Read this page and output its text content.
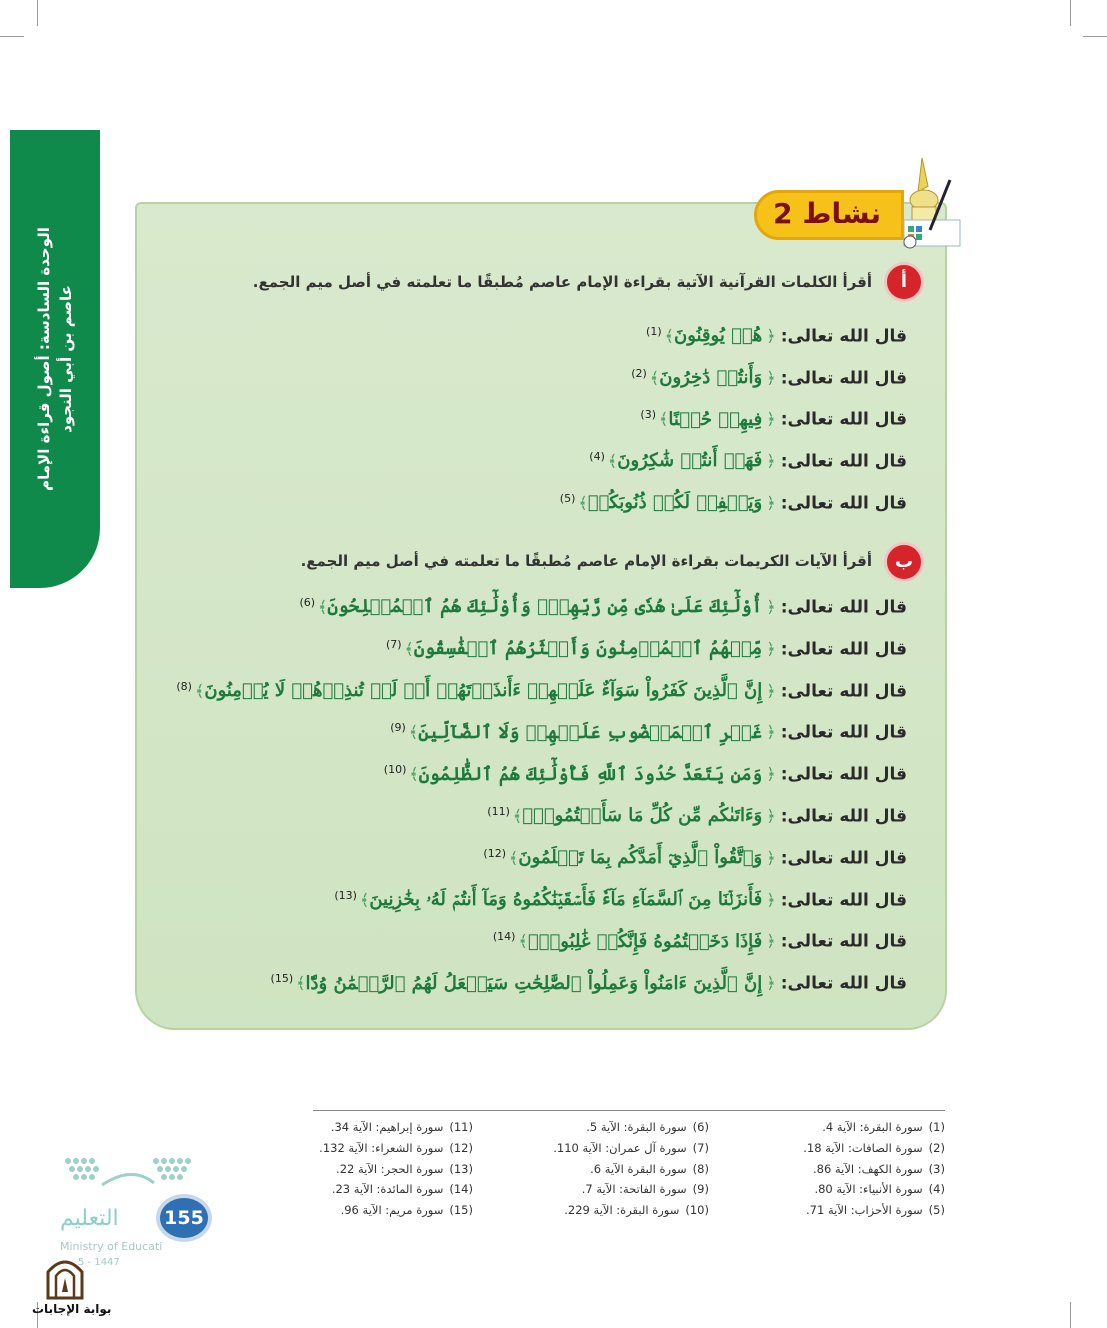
الوحدة السادسة: أصول قراءة الإمام عاصم بن أبي النجود
نشاط 2
أ
أقرأ الكلمات القرآنية الآتية بقراءة الإمام عاصم مُطبقًا ما تعلمته في أصل ميم الجمع.
قال الله تعالى: ﴿هُمۡ يُوقِنُونَ﴾$^{(1)}$
قال الله تعالى: ﴿وَأَنتُمۡ دَٰخِرُونَ﴾$^{(2)}$
قال الله تعالى: ﴿فِيهِمۡ حُسۡنًا﴾$^{(3)}$
قال الله تعالى: ﴿فَهَلۡ أَنتُمۡ شَٰكِرُونَ﴾$^{(4)}$
قال الله تعالى: ﴿وَيَغۡفِرۡ لَكُمۡ ذُنُوبَكُمۡ﴾$^{(5)}$
ب
أقرأ الآيات الكريمات بقراءة الإمام عاصم مُطبقًا ما تعلمته في أصل ميم الجمع.
قال الله تعالى: ﴿أُوْلَٰٓئِكَ عَلَىٰ هُدٗى مِّن رَّبِّهِمۡۖ وَأُوْلَٰٓئِكَ هُمُ ٱلۡمُفۡلِحُونَ﴾$^{(6)}$
قال الله تعالى: ﴿مِّنۡهُمُ ٱلۡمُؤۡمِنُونَ وَأَكۡثَرُهُمُ ٱلۡفَٰسِقُونَ﴾$^{(7)}$
قال الله تعالى: ﴿إِنَّ ٱلَّذِينَ كَفَرُواْ سَوَآءٌ عَلَيۡهِمۡ ءَأَنذَرۡتَهُمۡ أَمۡ لَمۡ تُنذِرۡهُمۡ لَا يُؤۡمِنُونَ﴾$^{(8)}$
قال الله تعالى: ﴿غَيۡرِ ٱلۡمَغۡضُوبِ عَلَيۡهِمۡ وَلَا ٱلضَّآلِّينَ﴾$^{(9)}$
قال الله تعالى: ﴿وَمَن يَتَعَدَّ حُدُودَ ٱللَّهِ فَأُوْلَٰٓئِكَ هُمُ ٱلظَّٰلِمُونَ﴾$^{(10)}$
قال الله تعالى: ﴿وَءَاتَىٰكُم مِّن كُلِّ مَا سَأَلۡتُمُوهُۚ﴾$^{(11)}$
قال الله تعالى: ﴿وَٱتَّقُواْ ٱلَّذِيٓ أَمَدَّكُم بِمَا تَعۡلَمُونَ﴾$^{(12)}$
قال الله تعالى: ﴿فَأَنزَلۡنَا مِنَ ٱلسَّمَآءِ مَآءٗ فَأَسۡقَيۡنَٰكُمُوهُ وَمَآ أَنتُمۡ لَهُۥ بِخَٰزِنِينَ﴾$^{(13)}$
قال الله تعالى: ﴿فَإِذَا دَخَلۡتُمُوهُ فَإِنَّكُمۡ غَٰلِبُونَۚ﴾$^{(14)}$
قال الله تعالى: ﴿إِنَّ ٱلَّذِينَ ءَامَنُواْ وَعَمِلُواْ ٱلصَّٰلِحَٰتِ سَيَجۡعَلُ لَهُمُ ٱلرَّحۡمَٰنُ وُدّٗا﴾$^{(15)}$
(1)سورة البقرة: الآية 4.
(2)سورة الصافات: الآية 18.
(3)سورة الكهف: الآية 86.
(4)سورة الأنبياء: الآية 80.
(5)سورة الأحزاب: الآية 71.
(6)سورة البقرة: الآية 5.
(7)سورة آل عمران: الآية 110.
(8)سورة البقرة الآية 6.
(9)سورة الفاتحة: الآية 7.
(10)سورة البقرة: الآية 229.
(11)سورة إبراهيم: الآية 34.
(12)سورة الشعراء: الآية 132.
(13)سورة الحجر: الآية 22.
(14)سورة المائدة: الآية 23.
(15)سورة مريم: الآية 96.
التعليم 155
Ministry of Educati
5 - 1447
بوابة الإجابات
